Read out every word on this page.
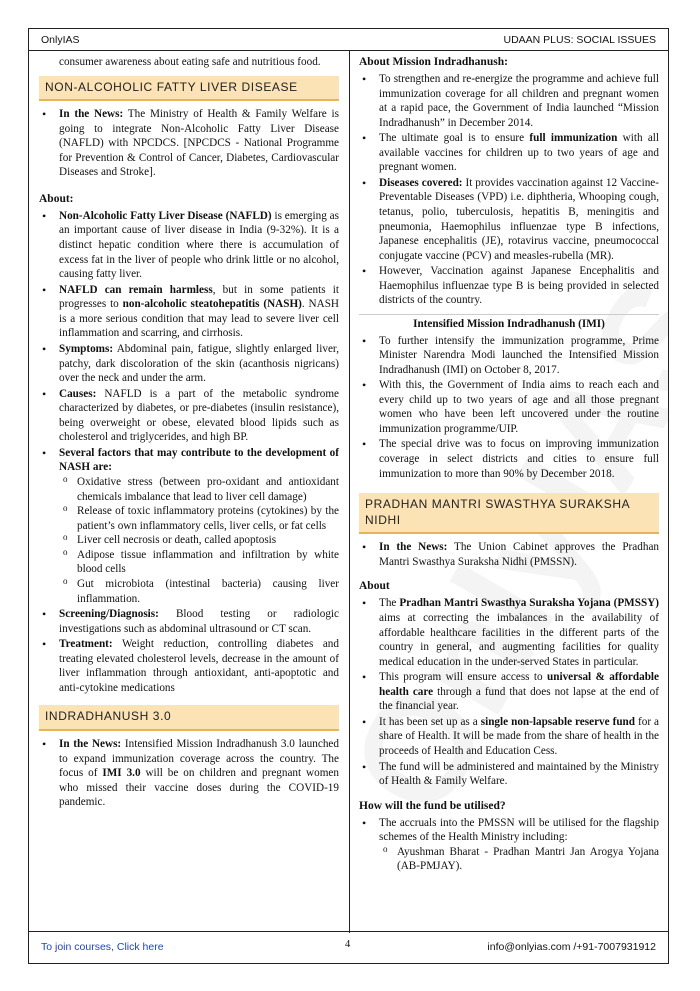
OnlyIAS	UDAAN PLUS: SOCIAL ISSUES

consumer awareness about eating safe and nutritious food.

NON-ALCOHOLIC FATTY LIVER DISEASE
• In the News: The Ministry of Health & Family Welfare is going to integrate Non-Alcoholic Fatty Liver Disease (NAFLD) with NPCDCS. [NPCDCS - National Programme for Prevention & Control of Cancer, Diabetes, Cardiovascular Diseases and Stroke].
About:
• Non-Alcoholic Fatty Liver Disease (NAFLD) is emerging as an important cause of liver disease in India (9-32%). It is a distinct hepatic condition where there is accumulation of excess fat in the liver of people who drink little or no alcohol, causing fatty liver.
• NAFLD can remain harmless, but in some patients it progresses to non-alcoholic steatohepatitis (NASH). NASH is a more serious condition that may lead to severe liver cell inflammation and scarring, and cirrhosis.
• Symptoms: Abdominal pain, fatigue, slightly enlarged liver, patchy, dark discoloration of the skin (acanthosis nigricans) over the neck and under the arm.
• Causes: NAFLD is a part of the metabolic syndrome characterized by diabetes, or pre-diabetes (insulin resistance), being overweight or obese, elevated blood lipids such as cholesterol and triglycerides, and high BP.
• Several factors that may contribute to the development of NASH are:
o Oxidative stress (between pro-oxidant and antioxidant chemicals imbalance that lead to liver cell damage)
o Release of toxic inflammatory proteins (cytokines) by the patient’s own inflammatory cells, liver cells, or fat cells
o Liver cell necrosis or death, called apoptosis
o Adipose tissue inflammation and infiltration by white blood cells
o Gut microbiota (intestinal bacteria) causing liver inflammation.
• Screening/Diagnosis: Blood testing or radiologic investigations such as abdominal ultrasound or CT scan.
• Treatment: Weight reduction, controlling diabetes and treating elevated cholesterol levels, decrease in the amount of liver inflammation through antioxidant, anti-apoptotic and anti-cytokine medications
INDRADHANUSH 3.0
• In the News: Intensified Mission Indradhanush 3.0 launched to expand immunization coverage across the country. The focus of IMI 3.0 will be on children and pregnant women who missed their vaccine doses during the COVID-19 pandemic.
About Mission Indradhanush:
• To strengthen and re-energize the programme and achieve full immunization coverage for all children and pregnant women at a rapid pace, the Government of India launched “Mission Indradhanush” in December 2014.
• The ultimate goal is to ensure full immunization with all available vaccines for children up to two years of age and pregnant women.
• Diseases covered: It provides vaccination against 12 Vaccine-Preventable Diseases (VPD) i.e. diphtheria, Whooping cough, tetanus, polio, tuberculosis, hepatitis B, meningitis and pneumonia, Haemophilus influenzae type B infections, Japanese encephalitis (JE), rotavirus vaccine, pneumococcal conjugate vaccine (PCV) and measles-rubella (MR).
• However, Vaccination against Japanese Encephalitis and Haemophilus influenzae type B is being provided in selected districts of the country.
Intensified Mission Indradhanush (IMI)
• To further intensify the immunization programme, Prime Minister Narendra Modi launched the Intensified Mission Indradhanush (IMI) on October 8, 2017.
• With this, the Government of India aims to reach each and every child up to two years of age and all those pregnant women who have been left uncovered under the routine immunization programme/UIP.
• The special drive was to focus on improving immunization coverage in select districts and cities to ensure full immunization to more than 90% by December 2018.
PRADHAN MANTRI SWASTHYA SURAKSHA NIDHI
• In the News: The Union Cabinet approves the Pradhan Mantri Swasthya Suraksha Nidhi (PMSSN).
About
• The Pradhan Mantri Swasthya Suraksha Yojana (PMSSY) aims at correcting the imbalances in the availability of affordable healthcare facilities in the different parts of the country in general, and augmenting facilities for quality medical education in the under-served States in particular.
• This program will ensure access to universal & affordable health care through a fund that does not lapse at the end of the financial year.
• It has been set up as a single non-lapsable reserve fund for a share of Health. It will be made from the share of health in the proceeds of Health and Education Cess.
• The fund will be administered and maintained by the Ministry of Health & Family Welfare.
How will the fund be utilised?
• The accruals into the PMSSN will be utilised for the flagship schemes of the Health Ministry including:
o Ayushman Bharat - Pradhan Mantri Jan Arogya Yojana (AB-PMJAY).
To join courses, Click here	4	info@onlyias.com /+91-7007931912
